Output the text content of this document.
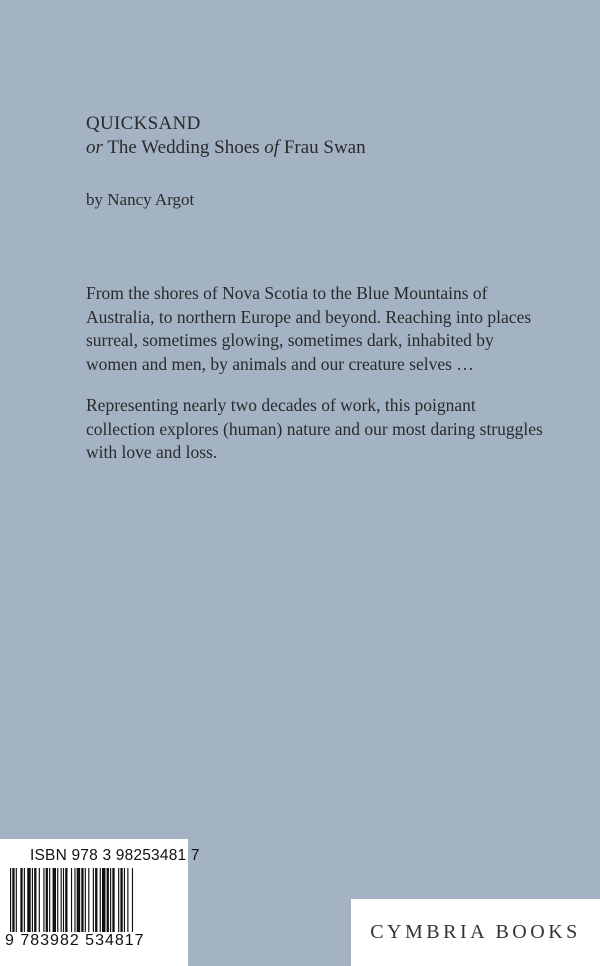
QUICKSAND

or The Wedding Shoes of Frau Swan

by Nancy Argot

From the shores of Nova Scotia to the Blue Mountains of Australia, to northern Europe and beyond. Reaching into places surreal, sometimes glowing, sometimes dark, inhabited by women and men, by animals and our creature selves …

Representing nearly two decades of work, this poignant collection explores (human) nature and our most daring struggles with love and loss.

ISBN 978 3 98253481 7
9 783982 534817	CYMBRIA BOOKS
